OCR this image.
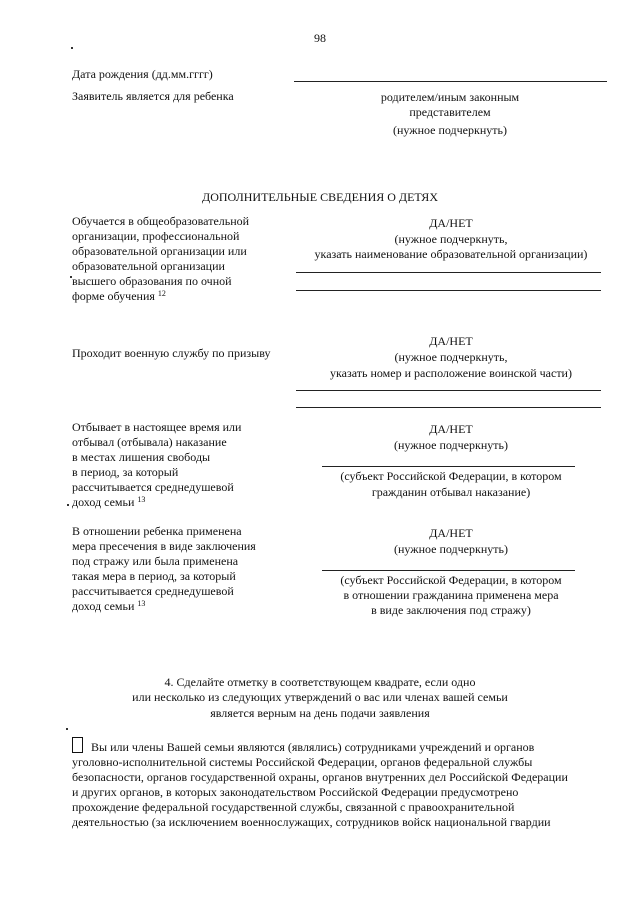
98
Дата рождения (дд.мм.гггг)
Заявитель является для ребенка	родителем/иным законным
представителем
(нужное подчеркнуть)
ДОПОЛНИТЕЛЬНЫЕ СВЕДЕНИЯ О ДЕТЯХ
Обучается в общеобразовательной
организации, профессиональной
образовательной организации или
образовательной организации
высшего образования по очной
форме обучения $^{12}$
ДА/НЕТ
(нужное подчеркнуть,
указать наименование образовательной организации)
ДА/НЕТ
Проходит военную службу по призыву	(нужное подчеркнуть,
указать номер и расположение воинской части)
Отбывает в настоящее время или
отбывал (отбывала) наказание
в местах лишения свободы
в период, за который
рассчитывается среднедушевой
доход семьи $^{13}$
ДА/НЕТ
(нужное подчеркнуть)
(субъект Российской Федерации, в котором
гражданин отбывал наказание)
В отношении ребенка применена
мера пресечения в виде заключения
под стражу или была применена
такая мера в период, за который
рассчитывается среднедушевой
доход семьи $^{13}$
ДА/НЕТ
(нужное подчеркнуть)
(субъект Российской Федерации, в котором
в отношении гражданина применена мера
в виде заключения под стражу)
4. Сделайте отметку в соответствующем квадрате, если одно
или несколько из следующих утверждений о вас или членах вашей семьи
является верным на день подачи заявления
Вы или члены Вашей семьи являются (являлись) сотрудниками учреждений и органов
уголовно-исполнительной системы Российской Федерации, органов федеральной службы
безопасности, органов государственной охраны, органов внутренних дел Российской Федерации
и других органов, в которых законодательством Российской Федерации предусмотрено
прохождение федеральной государственной службы, связанной с правоохранительной
деятельностью (за исключением военнослужащих, сотрудников войск национальной гвардии
